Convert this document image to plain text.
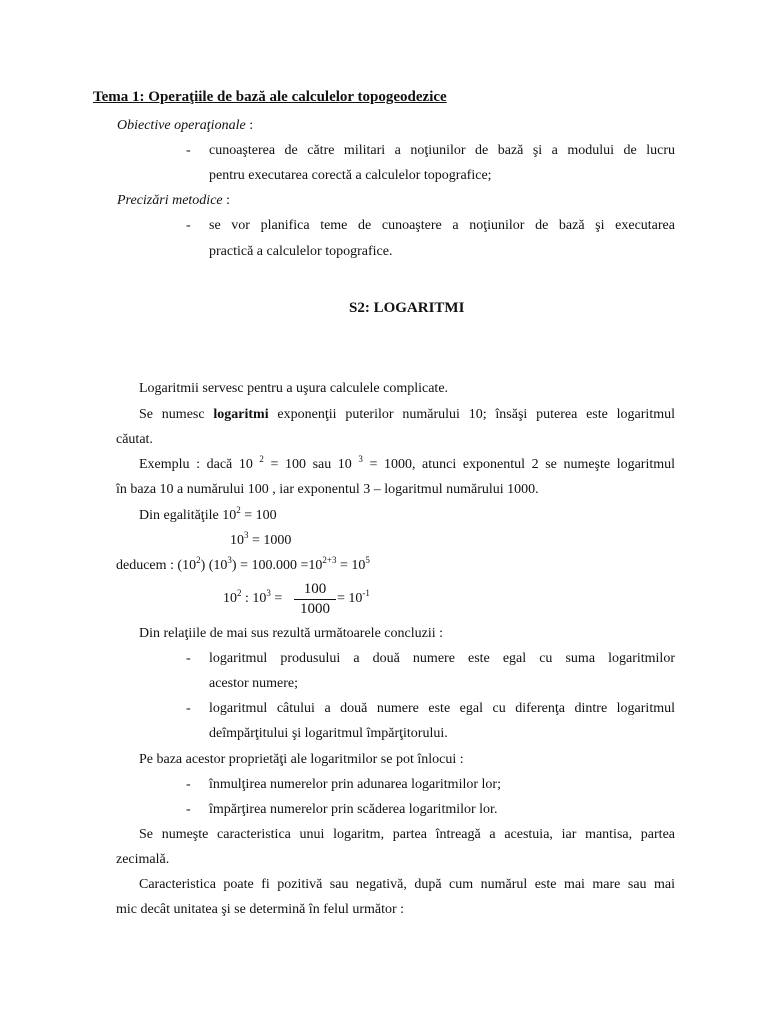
Tema 1: Operaţiile de bază ale calculelor topogeodezice
Obiective operaţionale :
- cunoaşterea de către militari a noţiunilor de bază şi a modului de lucru
pentru executarea corectă a calculelor topografice;
Precizări metodice :
- se vor planifica teme de cunoaştere a noţiunilor de bază şi executarea
practică a calculelor topografice.
S2: LOGARITMI
Logaritmii servesc pentru a uşura calculele complicate.
Se numesc logaritmi exponenţii puterilor numărului 10; însăşi puterea este logaritmul
căutat.
Exemplu : dacă 10 $^2$ = 100 sau 10 $^3$ = 1000, atunci exponentul 2 se numeşte logaritmul
în baza 10 a numărului 100 , iar exponentul 3 – logaritmul numărului 1000.
Din egalităţile $10^2 = 100$
$10^3 = 1000$
deducem : $(10^2) (10^3) = 100.000 =10^{2+3} = 10^5$
$10^2$ : $10^3$ =
100
1000
= $10^{-1}$
Din relaţiile de mai sus rezultă următoarele concluzii :
- logaritmul produsului a două numere este egal cu suma logaritmilor
acestor numere;
- logaritmul câtului a două numere este egal cu diferenţa dintre logaritmul
deîmpărţitului şi logaritmul împărţitorului.
Pe baza acestor proprietăţi ale logaritmilor se pot înlocui :
- înmulţirea numerelor prin adunarea logaritmilor lor;
- împărţirea numerelor prin scăderea logaritmilor lor.
Se numeşte caracteristica unui logaritm, partea întreagă a acestuia, iar mantisa, partea
zecimală.
Caracteristica poate fi pozitivă sau negativă, după cum numărul este mai mare sau mai
mic decât unitatea şi se determină în felul următor :
